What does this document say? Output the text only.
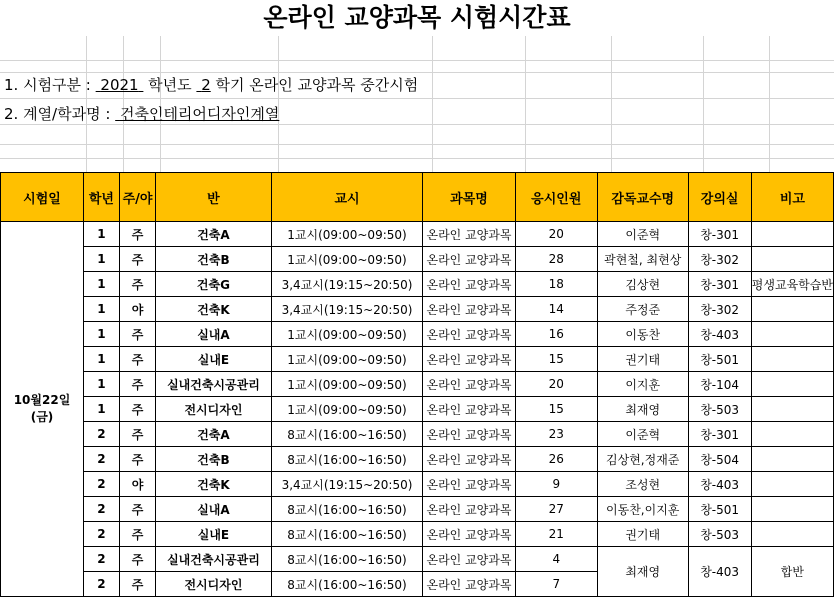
온라인 교양과목 시험시간표
1. 시험구분 :  2021  학년도  2 학기 온라인 교양과목 중간시험
2. 계열/학과명 :  건축인테리어디자인계열
시험일	학년	주/야	반	교시	과목명	응시인원	감독교수명	강의실	비고

10월22일
(금)	1	주	건축A	1교시(09:00~09:50)	온라인 교양과목	20	이준혁	창-301	
	1	주	건축B	1교시(09:00~09:50)	온라인 교양과목	28	곽현철, 최현상	창-302	
	1	주	건축G	3,4교시(19:15~20:50)	온라인 교양과목	18	김상현	창-301	평생교육학습반
	1	야	건축K	3,4교시(19:15~20:50)	온라인 교양과목	14	주정준	창-302	
	1	주	실내A	1교시(09:00~09:50)	온라인 교양과목	16	이동찬	창-403	
	1	주	실내E	1교시(09:00~09:50)	온라인 교양과목	15	권기태	창-501	
	1	주	실내건축시공관리	1교시(09:00~09:50)	온라인 교양과목	20	이지훈	창-104	
	1	주	전시디자인	1교시(09:00~09:50)	온라인 교양과목	15	최재영	창-503	
	2	주	건축A	8교시(16:00~16:50)	온라인 교양과목	23	이준혁	창-301	
	2	주	건축B	8교시(16:00~16:50)	온라인 교양과목	26	김상현,정재준	창-504	
	2	야	건축K	3,4교시(19:15~20:50)	온라인 교양과목	9	조성현	창-403	
	2	주	실내A	8교시(16:00~16:50)	온라인 교양과목	27	이동찬,이지훈	창-501	
	2	주	실내E	8교시(16:00~16:50)	온라인 교양과목	21	권기태	창-503	
	2	주	실내건축시공관리	8교시(16:00~16:50)	온라인 교양과목	4	최재영	창-403	합반
	2	주	전시디자인	8교시(16:00~16:50)	온라인 교양과목	7			
